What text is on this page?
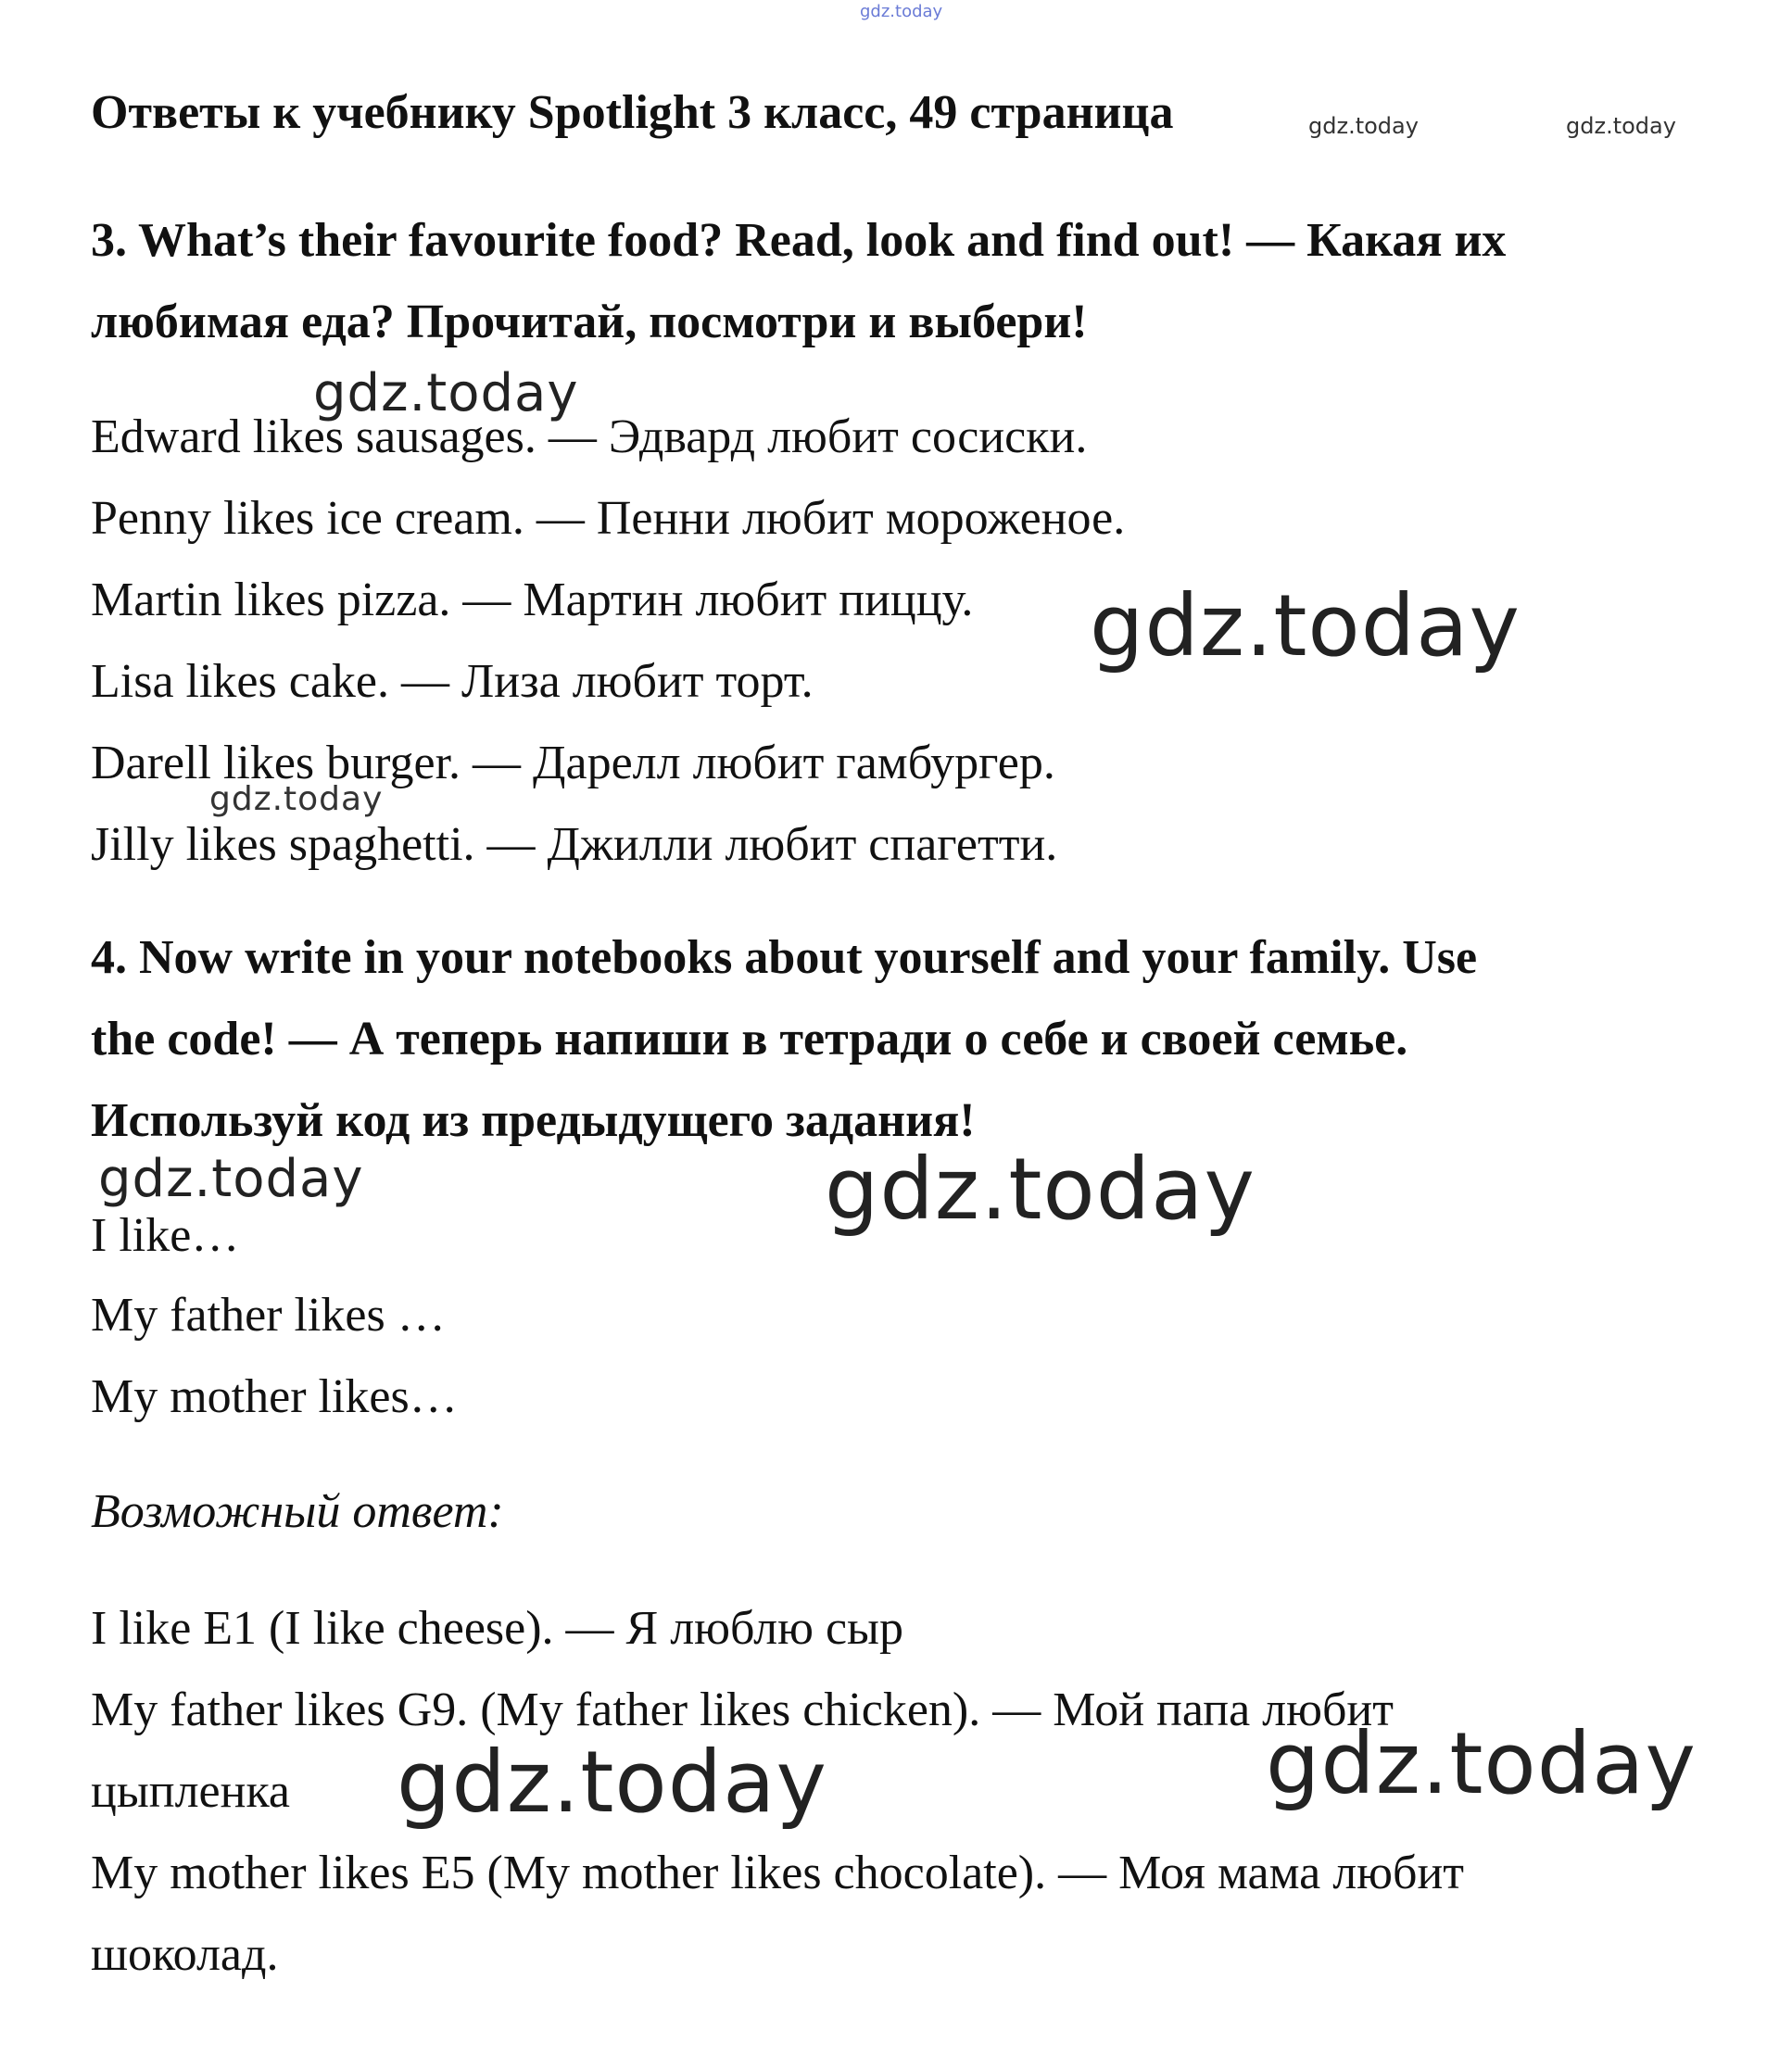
gdz.today
gdz.today	gdz.today
gdz.today
gdz.today
gdz.today
gdz.today	gdz.today
gdz.today	gdz.today
Ответы к учебнику Spotlight 3 класс, 49 страница
3. What’s their favourite food? Read, look and find out! — Какая их
любимая еда? Прочитай, посмотри и выбери!
Edward likes sausages. — Эдвард любит сосиски.
Penny likes ice cream. — Пенни любит мороженое.
Martin likes pizza. — Мартин любит пиццу.
Lisa likes cake. — Лиза любит торт.
Darell likes burger. — Дарелл любит гамбургер.
Jilly likes spaghetti. — Джилли любит спагетти.
4. Now write in your notebooks about yourself and your family. Use
the code! — А теперь напиши в тетради о себе и своей семье.
Используй код из предыдущего задания!
I like…
My father likes …
My mother likes…
Возможный ответ:
I like E1 (I like cheese). — Я люблю сыр
My father likes G9. (My father likes chicken). — Мой папа любит
цыпленка
My mother likes E5 (My mother likes chocolate). — Моя мама любит
шоколад.
